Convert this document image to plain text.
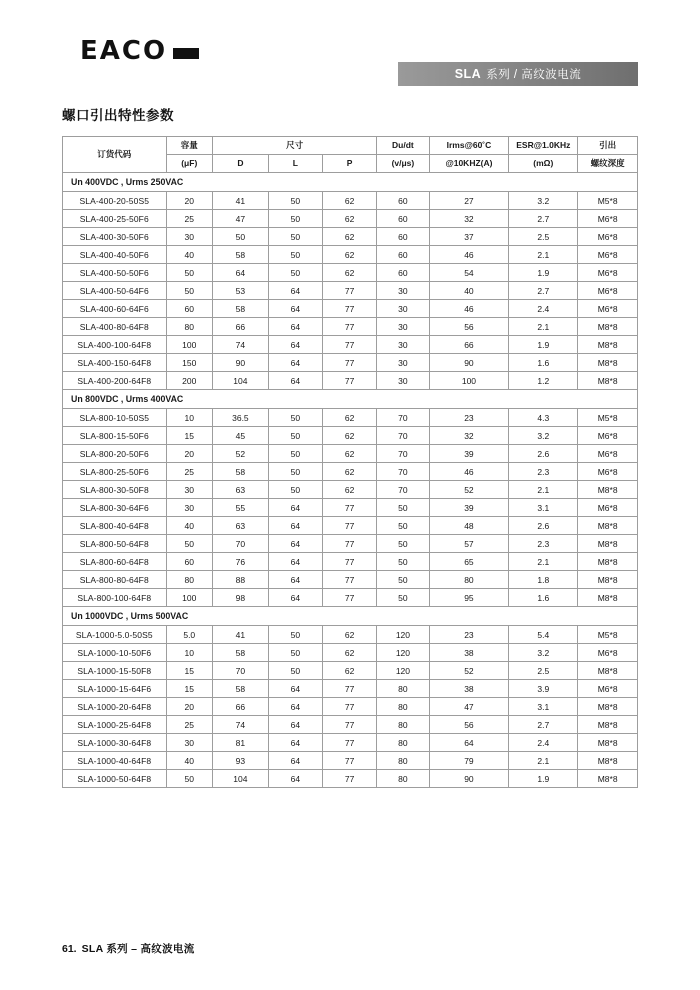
EACO
SLA 系列 / 高纹波电流
螺口引出特性参数
订货代码	容量	尺寸			Du/dt	Irms@60˚C	ESR@1.0KHz	引出
	(μF)	D	L	P	(v/μs)	@10KHZ(A)	(mΩ)	螺纹深度
Un 400VDC , Urms 250VAC								
SLA-400-20-50S5	20	41	50	62	60	27	3.2	M5*8
SLA-400-25-50F6	25	47	50	62	60	32	2.7	M6*8
SLA-400-30-50F6	30	50	50	62	60	37	2.5	M6*8
SLA-400-40-50F6	40	58	50	62	60	46	2.1	M6*8
SLA-400-50-50F6	50	64	50	62	60	54	1.9	M6*8
SLA-400-50-64F6	50	53	64	77	30	40	2.7	M6*8
SLA-400-60-64F6	60	58	64	77	30	46	2.4	M6*8
SLA-400-80-64F8	80	66	64	77	30	56	2.1	M8*8
SLA-400-100-64F8	100	74	64	77	30	66	1.9	M8*8
SLA-400-150-64F8	150	90	64	77	30	90	1.6	M8*8
SLA-400-200-64F8	200	104	64	77	30	100	1.2	M8*8
Un 800VDC , Urms 400VAC								
SLA-800-10-50S5	10	36.5	50	62	70	23	4.3	M5*8
SLA-800-15-50F6	15	45	50	62	70	32	3.2	M6*8
SLA-800-20-50F6	20	52	50	62	70	39	2.6	M6*8
SLA-800-25-50F6	25	58	50	62	70	46	2.3	M6*8
SLA-800-30-50F8	30	63	50	62	70	52	2.1	M8*8
SLA-800-30-64F6	30	55	64	77	50	39	3.1	M6*8
SLA-800-40-64F8	40	63	64	77	50	48	2.6	M8*8
SLA-800-50-64F8	50	70	64	77	50	57	2.3	M8*8
SLA-800-60-64F8	60	76	64	77	50	65	2.1	M8*8
SLA-800-80-64F8	80	88	64	77	50	80	1.8	M8*8
SLA-800-100-64F8	100	98	64	77	50	95	1.6	M8*8
Un 1000VDC , Urms 500VAC								
SLA-1000-5.0-50S5	5.0	41	50	62	120	23	5.4	M5*8
SLA-1000-10-50F6	10	58	50	62	120	38	3.2	M6*8
SLA-1000-15-50F8	15	70	50	62	120	52	2.5	M8*8
SLA-1000-15-64F6	15	58	64	77	80	38	3.9	M6*8
SLA-1000-20-64F8	20	66	64	77	80	47	3.1	M8*8
SLA-1000-25-64F8	25	74	64	77	80	56	2.7	M8*8
SLA-1000-30-64F8	30	81	64	77	80	64	2.4	M8*8
SLA-1000-40-64F8	40	93	64	77	80	79	2.1	M8*8
SLA-1000-50-64F8	50	104	64	77	80	90	1.9	M8*8
61. SLA 系列 – 高纹波电流
